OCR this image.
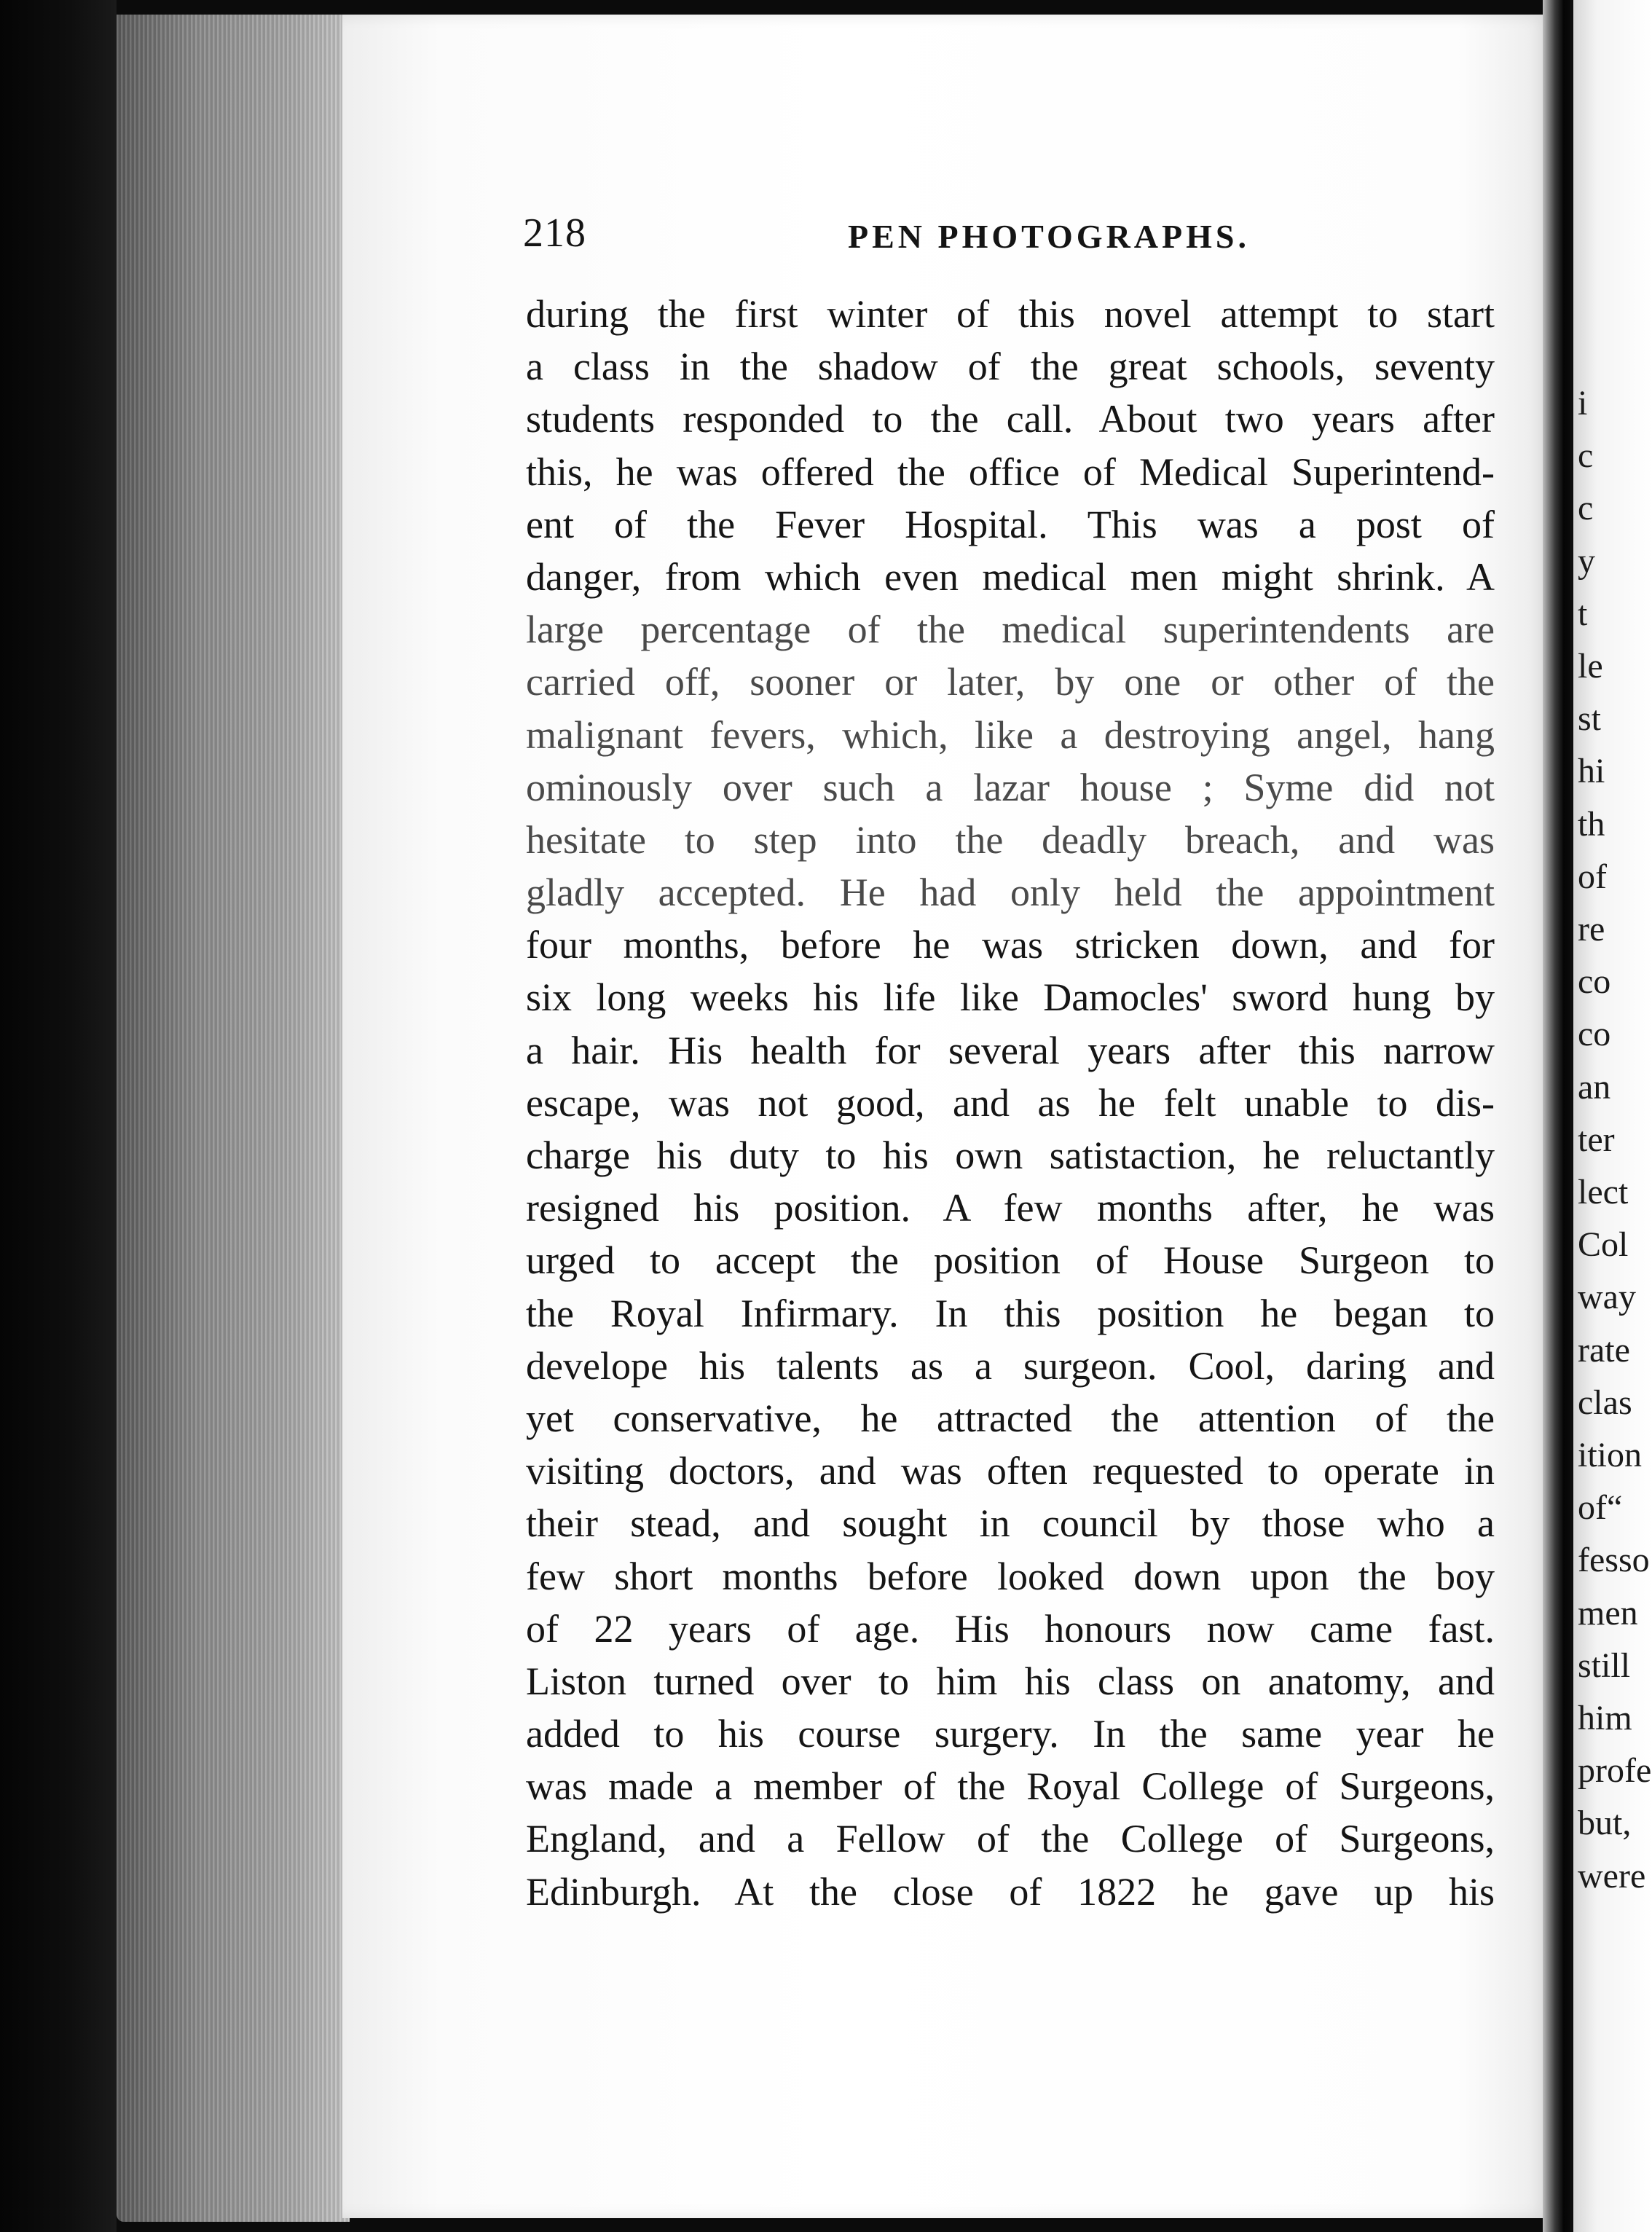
218	PEN PHOTOGRAPHS.
during the first winter of this novel attempt to start
a class in the shadow of the great schools, seventy
students responded to the call. About two years after
this, he was offered the office of Medical Superintend-
ent of the Fever Hospital. This was a post of
danger, from which even medical men might shrink. A
large percentage of the medical superintendents are
carried off, sooner or later, by one or other of the
malignant fevers, which, like a destroying angel, hang
ominously over such a lazar house ; Syme did not
hesitate to step into the deadly breach, and was
gladly accepted. He had only held the appointment
four months, before he was stricken down, and for
six long weeks his life like Damocles' sword hung by
a hair. His health for several years after this narrow
escape, was not good, and as he felt unable to dis-
charge his duty to his own satistaction, he reluctantly
resigned his position. A few months after, he was
urged to accept the position of House Surgeon to
the Royal Infirmary. In this position he began to
develope his talents as a surgeon. Cool, daring and
yet conservative, he attracted the attention of the
visiting doctors, and was often requested to operate in
their stead, and sought in council by those who a
few short months before looked down upon the boy
of 22 years of age. His honours now came fast.
Liston turned over to him his class on anatomy, and
added to his course surgery. In the same year he
was made a member of the Royal College of Surgeons,
England, and a Fellow of the College of Surgeons,
Edinburgh. At the close of 1822 he gave up his
i
c
c
y
t
le
st
hi
th
of
re
co
co
an
ter
lect
Col
way
rate
clas
ition
of“
fesso
men
still
him
profe
but,
were
